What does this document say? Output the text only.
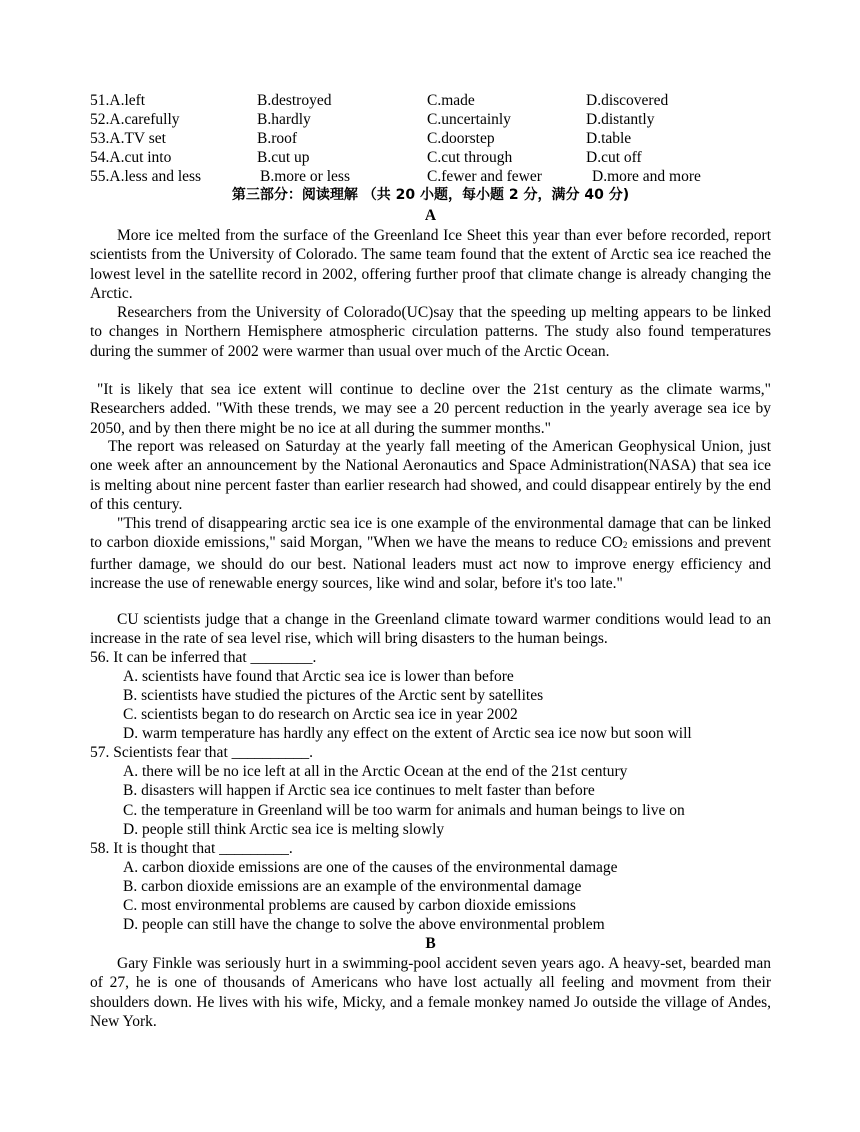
51.A.left	B.destroyed	C.made	D.discovered
52.A.carefully	B.hardly	C.uncertainly	D.distantly
53.A.TV set	B.roof	C.doorstep	D.table
54.A.cut into	B.cut up	C.cut through	D.cut off
55.A.less and less	B.more or less	C.fewer and fewer	D.more and more
第三部分：阅读理解 （共 20 小题，每小题 2 分，满分 40 分)
A

More ice melted from the surface of the Greenland Ice Sheet this year than ever before recorded, report scientists from the University of Colorado. The same team found that the extent of Arctic sea ice reached the lowest level in the satellite record in 2002, offering further proof that climate change is already changing the Arctic.

Researchers from the University of Colorado(UC)say that the speeding up melting appears to be linked to changes in Northern Hemisphere atmospheric circulation patterns. The study also found temperatures during the summer of 2002 were warmer than usual over much of the Arctic Ocean.

"It is likely that sea ice extent will continue to decline over the 21st century as the climate warms," Researchers added. "With these trends, we may see a 20 percent reduction in the yearly average sea ice by 2050, and by then there might be no ice at all during the summer months."

The report was released on Saturday at the yearly fall meeting of the American Geophysical Union, just one week after an announcement by the National Aeronautics and Space Administration(NASA) that sea ice is melting about nine percent faster than earlier research had showed, and could disappear entirely by the end of this century.

"This trend of disappearing arctic sea ice is one example of the environmental damage that can be linked to carbon dioxide emissions," said Morgan, "When we have the means to reduce $CO_2$ emissions and prevent further damage, we should do our best. National leaders must act now to improve energy efficiency and increase the use of renewable energy sources, like wind and solar, before it's too late."

CU scientists judge that a change in the Greenland climate toward warmer conditions would lead to an increase in the rate of sea level rise, which will bring disasters to the human beings.

56. It can be inferred that ________.
A. scientists have found that Arctic sea ice is lower than before
B. scientists have studied the pictures of the Arctic sent by satellites
C. scientists began to do research on Arctic sea ice in year 2002
D. warm temperature has hardly any effect on the extent of Arctic sea ice now but soon will
57. Scientists fear that __________.
A. there will be no ice left at all in the Arctic Ocean at the end of the 21st century
B. disasters will happen if Arctic sea ice continues to melt faster than before
C. the temperature in Greenland will be too warm for animals and human beings to live on
D. people still think Arctic sea ice is melting slowly
58. It is thought that _________.
A. carbon dioxide emissions are one of the causes of the environmental damage
B. carbon dioxide emissions are an example of the environmental damage
C. most environmental problems are caused by carbon dioxide emissions
D. people can still have the change to solve the above environmental problem
B

Gary Finkle was seriously hurt in a swimming-pool accident seven years ago. A heavy-set, bearded man of 27, he is one of thousands of Americans who have lost actually all feeling and movment from their shoulders down. He lives with his wife, Micky, and a female monkey named Jo outside the village of Andes, New York.
